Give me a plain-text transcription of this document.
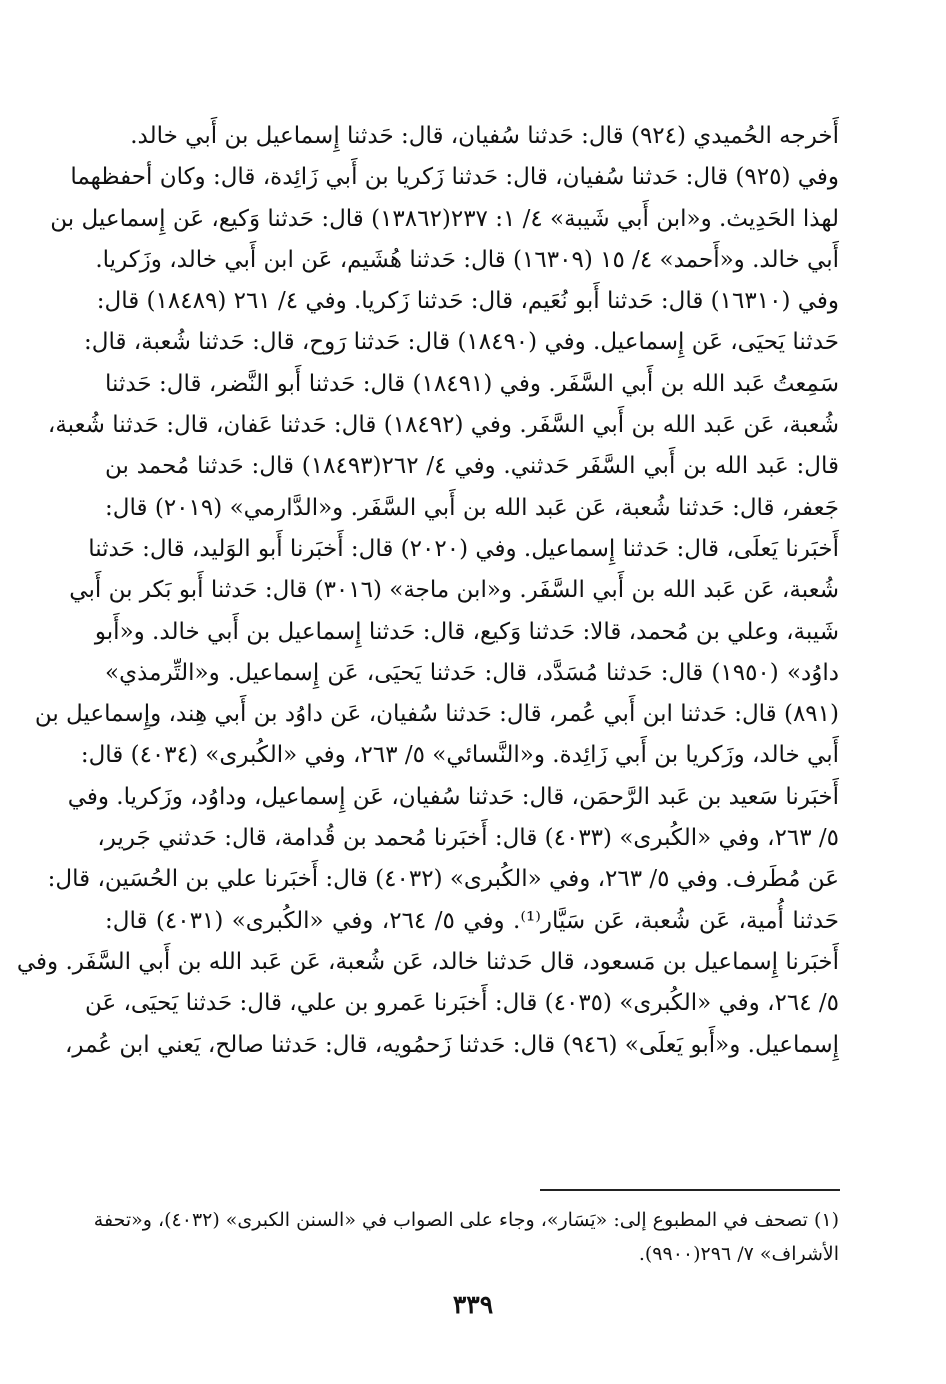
أَخرجه الحُميدي (٩٢٤) قال: حَدثنا سُفيان، قال: حَدثنا إِسماعيل بن أَبي خالد.
وفي (٩٢٥) قال: حَدثنا سُفيان، قال: حَدثنا زَكريا بن أَبي زَائِدة، قال: وكان أحفظهما
لهذا الحَدِيث. و«ابن أَبي شَيبة» ٤/ ١: ٢٣٧(١٣٨٦٢) قال: حَدثنا وَكيع، عَن إِسماعيل بن
أَبي خالد. و«أَحمد» ٤/ ١٥ (١٦٣٠٩) قال: حَدثنا هُشَيم، عَن ابن أَبي خالد، وزَكريا.
وفي (١٦٣١٠) قال: حَدثنا أَبو نُعَيم، قال: حَدثنا زَكريا. وفي ٤/ ٢٦١ (١٨٤٨٩) قال:
حَدثنا يَحيَى، عَن إِسماعيل. وفي (١٨٤٩٠) قال: حَدثنا رَوح، قال: حَدثنا شُعبة، قال:
سَمِعتُ عَبد الله بن أَبي السَّفَر. وفي (١٨٤٩١) قال: حَدثنا أَبو النَّضر، قال: حَدثنا
شُعبة، عَن عَبد الله بن أَبي السَّفَر. وفي (١٨٤٩٢) قال: حَدثنا عَفان، قال: حَدثنا شُعبة،
قال: عَبد الله بن أَبي السَّفَر حَدثني. وفي ٤/ ٢٦٢(١٨٤٩٣) قال: حَدثنا مُحمد بن
جَعفر، قال: حَدثنا شُعبة، عَن عَبد الله بن أَبي السَّفَر. و«الدَّارمي» (٢٠١٩) قال:
أَخبَرنا يَعلَى، قال: حَدثنا إِسماعيل. وفي (٢٠٢٠) قال: أَخبَرنا أَبو الوَليد، قال: حَدثنا
شُعبة، عَن عَبد الله بن أَبي السَّفَر. و«ابن ماجة» (٣٠١٦) قال: حَدثنا أَبو بَكر بن أَبي
شَيبة، وعلي بن مُحمد، قالا: حَدثنا وَكيع، قال: حَدثنا إِسماعيل بن أَبي خالد. و«أَبو
داوُد» (١٩٥٠) قال: حَدثنا مُسَدَّد، قال: حَدثنا يَحيَى، عَن إِسماعيل. و«التِّرمذي»
(٨٩١) قال: حَدثنا ابن أَبي عُمر، قال: حَدثنا سُفيان، عَن داوُد بن أَبي هِند، وإِسماعيل بن
أَبي خالد، وزَكريا بن أَبي زَائِدة. و«النَّسائي» ٥/ ٢٦٣، وفي «الكُبرى» (٤٠٣٤) قال:
أَخبَرنا سَعيد بن عَبد الرَّحمَن، قال: حَدثنا سُفيان، عَن إِسماعيل، وداوُد، وزَكريا. وفي
٥/ ٢٦٣، وفي «الكُبرى» (٤٠٣٣) قال: أَخبَرنا مُحمد بن قُدامة، قال: حَدثني جَرير،
عَن مُطَرف. وفي ٥/ ٢٦٣، وفي «الكُبرى» (٤٠٣٢) قال: أَخبَرنا علي بن الحُسَين، قال:
حَدثنا أُمية، عَن شُعبة، عَن سَيَّار⁽¹⁾. وفي ٥/ ٢٦٤، وفي «الكُبرى» (٤٠٣١) قال:
أَخبَرنا إِسماعيل بن مَسعود، قال حَدثنا خالد، عَن شُعبة، عَن عَبد الله بن أَبي السَّفَر. وفي
٥/ ٢٦٤، وفي «الكُبرى» (٤٠٣٥) قال: أَخبَرنا عَمرو بن علي، قال: حَدثنا يَحيَى، عَن
إِسماعيل. و«أَبو يَعلَى» (٩٤٦) قال: حَدثنا زَحمُويه، قال: حَدثنا صالح، يَعني ابن عُمر،
(١) تصحف في المطبوع إلى: «يَسَار»، وجاء على الصواب في «السنن الكبرى» (٤٠٣٢)، و«تحفة
الأشراف» ٧/ ٢٩٦(٩٩٠٠).
٣٣٩
